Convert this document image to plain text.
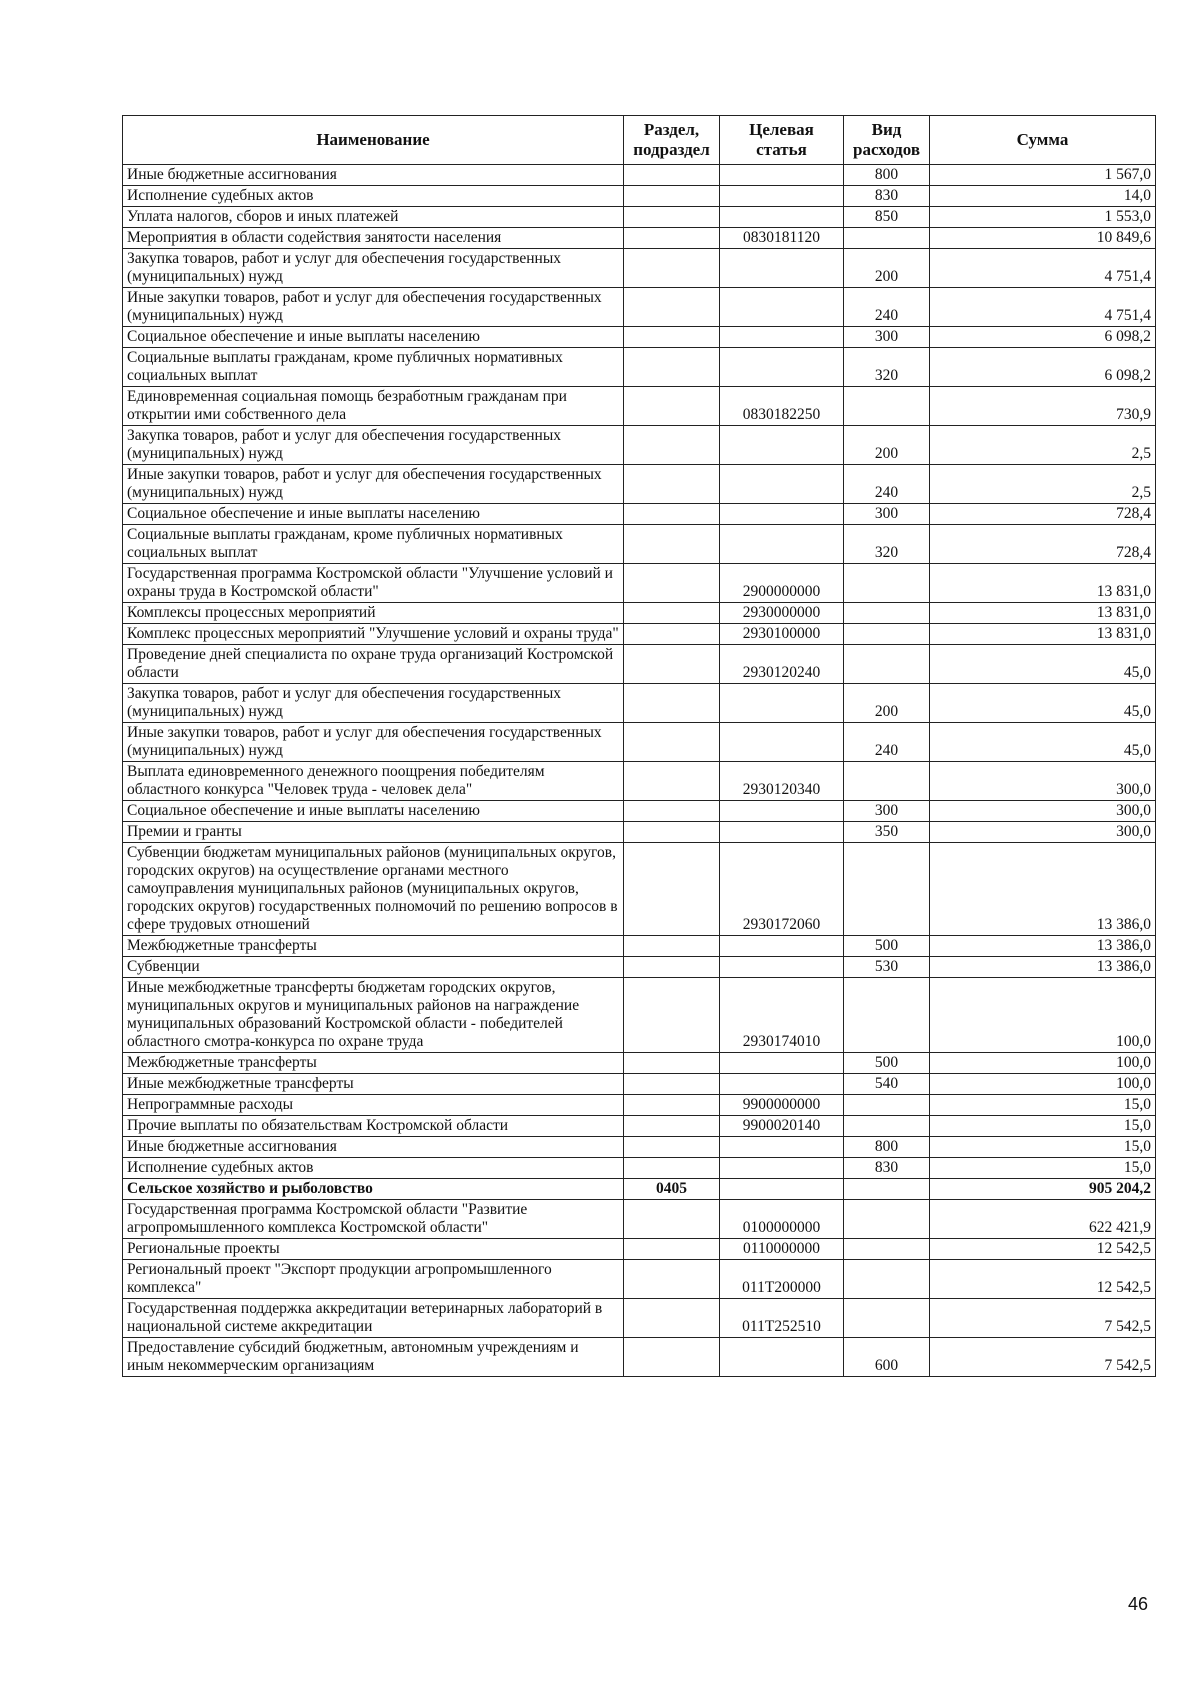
Наименование	Раздел, подраздел	Целевая статья	Вид расходов	Сумма
Иные бюджетные ассигнования			800	1 567,0
Исполнение судебных актов			830	14,0
Уплата налогов, сборов и иных платежей			850	1 553,0
Мероприятия в области содействия занятости населения		0830181120		10 849,6
Закупка товаров, работ и услуг для обеспечения государственных (муниципальных) нужд			200	4 751,4
Иные закупки товаров, работ и услуг для обеспечения государственных (муниципальных) нужд			240	4 751,4
Социальное обеспечение и иные выплаты населению			300	6 098,2
Социальные выплаты гражданам, кроме публичных нормативных социальных выплат			320	6 098,2
Единовременная социальная помощь безработным гражданам при открытии ими собственного дела		0830182250		730,9
Закупка товаров, работ и услуг для обеспечения государственных (муниципальных) нужд			200	2,5
Иные закупки товаров, работ и услуг для обеспечения государственных (муниципальных) нужд			240	2,5
Социальное обеспечение и иные выплаты населению			300	728,4
Социальные выплаты гражданам, кроме публичных нормативных социальных выплат			320	728,4
Государственная программа Костромской области "Улучшение условий и охраны труда в Костромской области"		2900000000		13 831,0
Комплексы процессных мероприятий		2930000000		13 831,0
Комплекс процессных мероприятий "Улучшение условий и охраны труда"		2930100000		13 831,0
Проведение дней специалиста по охране труда организаций Костромской области		2930120240		45,0
Закупка товаров, работ и услуг для обеспечения государственных (муниципальных) нужд			200	45,0
Иные закупки товаров, работ и услуг для обеспечения государственных (муниципальных) нужд			240	45,0
Выплата единовременного денежного поощрения победителям областного конкурса "Человек труда - человек дела"		2930120340		300,0
Социальное обеспечение и иные выплаты населению			300	300,0
Премии и гранты			350	300,0
Субвенции бюджетам муниципальных районов (муниципальных округов, городских округов) на осуществление органами местного самоуправления муниципальных районов (муниципальных округов, городских округов) государственных полномочий по решению вопросов в сфере трудовых отношений		2930172060		13 386,0
Межбюджетные трансферты			500	13 386,0
Субвенции			530	13 386,0
Иные межбюджетные трансферты бюджетам городских округов, муниципальных округов и муниципальных районов на награждение муниципальных образований Костромской области - победителей областного смотра-конкурса по охране труда		2930174010		100,0
Межбюджетные трансферты			500	100,0
Иные межбюджетные трансферты			540	100,0
Непрограммные расходы		9900000000		15,0
Прочие выплаты по обязательствам Костромской области		9900020140		15,0
Иные бюджетные ассигнования			800	15,0
Исполнение судебных актов			830	15,0
Сельское хозяйство и рыболовство	0405			905 204,2
Государственная программа Костромской области "Развитие агропромышленного комплекса Костромской области"		0100000000		622 421,9
Региональные проекты		0110000000		12 542,5
Региональный проект "Экспорт продукции агропромышленного комплекса"		011Т200000		12 542,5
Государственная поддержка аккредитации ветеринарных лабораторий в национальной системе аккредитации		011Т252510		7 542,5
Предоставление субсидий бюджетным, автономным учреждениям и иным некоммерческим организациям			600	7 542,5
46
